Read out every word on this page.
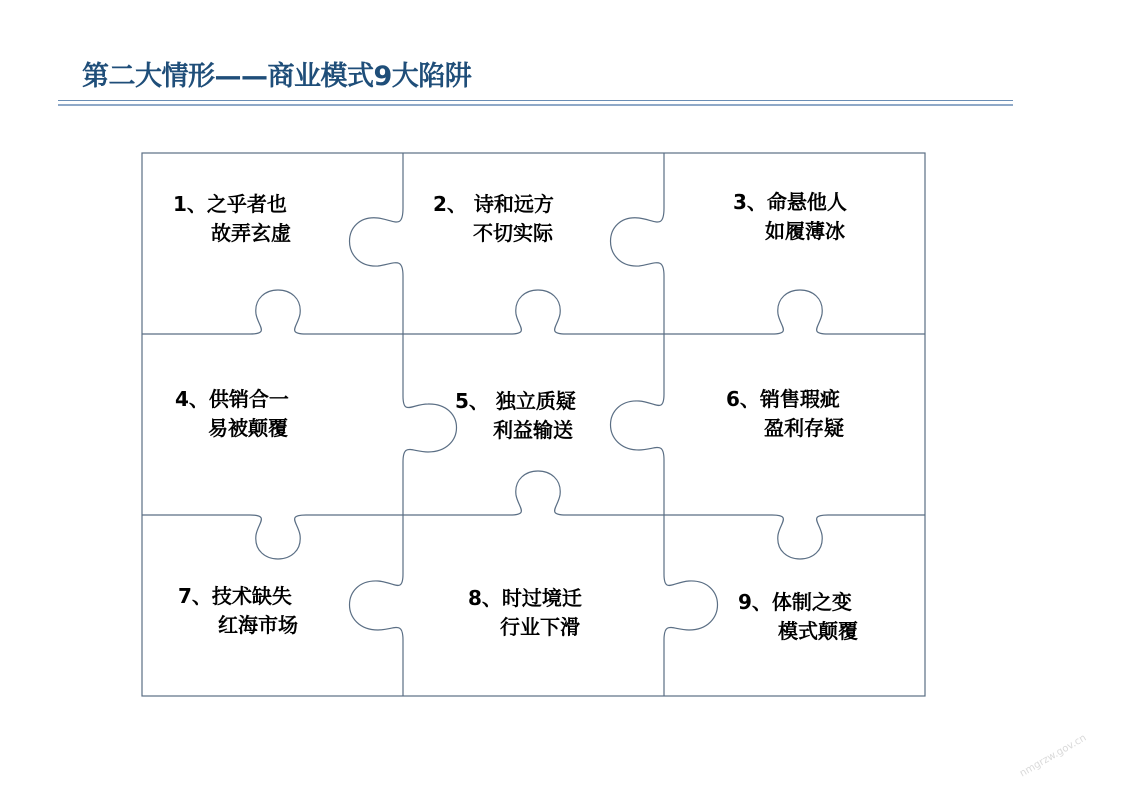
第二大情形——商业模式9大陷阱
1、之乎者也
故弄玄虚
2、 诗和远方
不切实际
3、命悬他人
如履薄冰
4、供销合一
易被颠覆
5、 独立质疑
利益输送
6、销售瑕疵
盈利存疑
7、技术缺失
红海市场
8、时过境迁
行业下滑
9、体制之变
模式颠覆
nmgrzw.gov.cn
